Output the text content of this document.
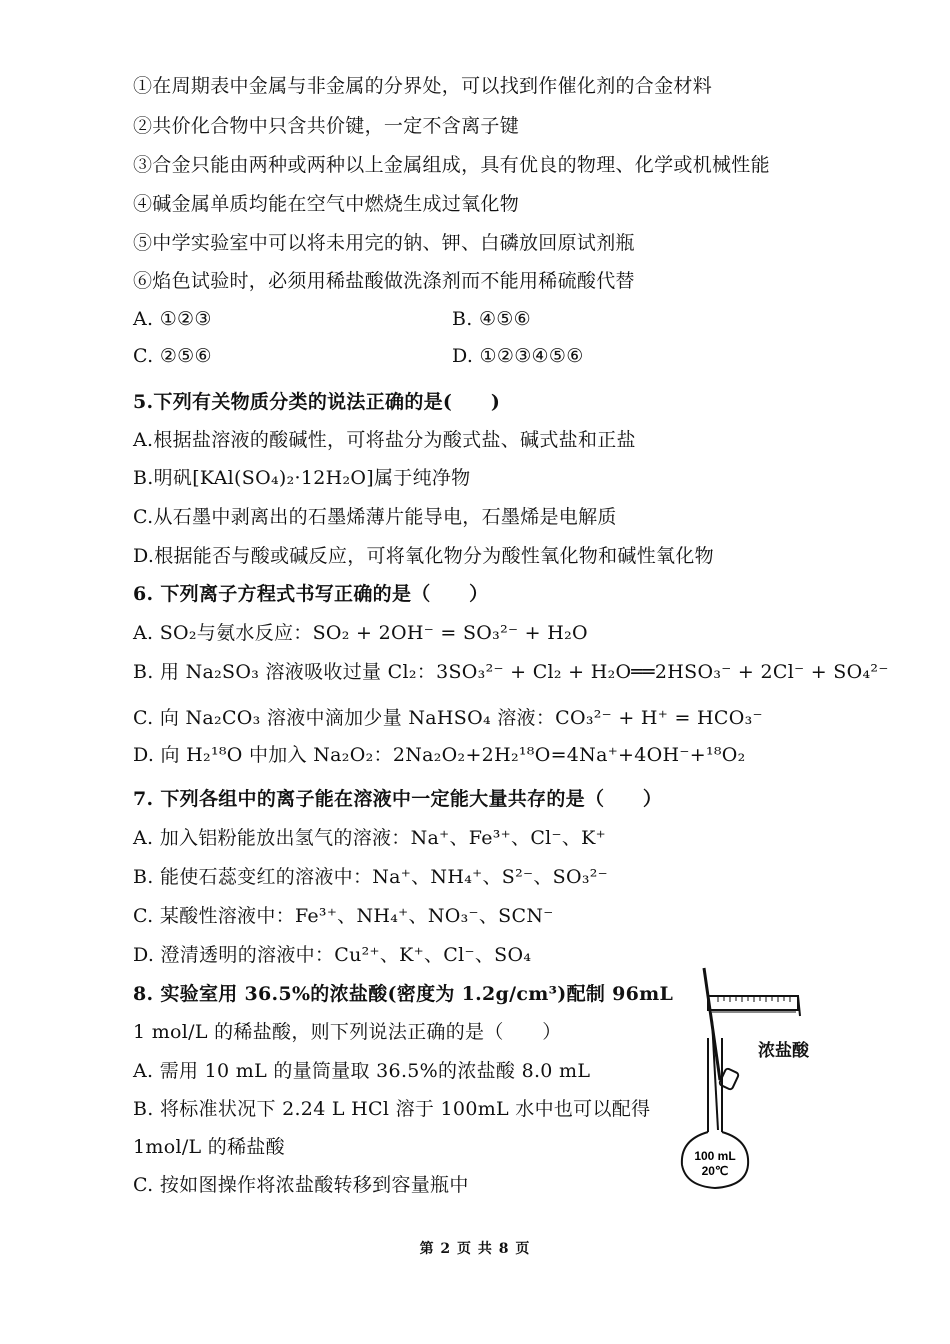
①在周期表中金属与非金属的分界处，可以找到作催化剂的合金材料
②共价化合物中只含共价键，一定不含离子键
③合金只能由两种或两种以上金属组成，具有优良的物理、化学或机械性能
④碱金属单质均能在空气中燃烧生成过氧化物
⑤中学实验室中可以将未用完的钠、钾、白磷放回原试剂瓶
⑥焰色试验时，必须用稀盐酸做洗涤剂而不能用稀硫酸代替
A. ①②③	B. ④⑤⑥
C. ②⑤⑥	D. ①②③④⑤⑥
5.下列有关物质分类的说法正确的是(　　)
A.根据盐溶液的酸碱性，可将盐分为酸式盐、碱式盐和正盐
B.明矾[KAl(SO₄)₂·12H₂O]属于纯净物
C.从石墨中剥离出的石墨烯薄片能导电，石墨烯是电解质
D.根据能否与酸或碱反应，可将氧化物分为酸性氧化物和碱性氧化物
6. 下列离子方程式书写正确的是（　　）
A. SO₂与氨水反应：SO₂ + 2OH⁻ = SO₃²⁻ + H₂O
B. 用 Na₂SO₃ 溶液吸收过量 Cl₂：3SO₃²⁻ + Cl₂ + H₂O══2HSO₃⁻ + 2Cl⁻ + SO₄²⁻
C. 向 Na₂CO₃ 溶液中滴加少量 NaHSO₄ 溶液：CO₃²⁻ + H⁺ = HCO₃⁻
D. 向 H₂¹⁸O 中加入 Na₂O₂：2Na₂O₂+2H₂¹⁸O=4Na⁺+4OH⁻+¹⁸O₂
7. 下列各组中的离子能在溶液中一定能大量共存的是（　　）
A. 加入铝粉能放出氢气的溶液：Na⁺、Fe³⁺、Cl⁻、K⁺
B. 能使石蕊变红的溶液中：Na⁺、NH₄⁺、S²⁻、SO₃²⁻
C. 某酸性溶液中：Fe³⁺、NH₄⁺、NO₃⁻、SCN⁻
D. 澄清透明的溶液中：Cu²⁺、K⁺、Cl⁻、SO₄
8. 实验室用 36.5%的浓盐酸(密度为 1.2g/cm³)配制 96mL
1 mol/L 的稀盐酸，则下列说法正确的是（　　）
A. 需用 10 mL 的量筒量取 36.5%的浓盐酸 8.0 mL
B. 将标准状况下 2.24 L HCl 溶于 100mL 水中也可以配得
1mol/L 的稀盐酸
C. 按如图操作将浓盐酸转移到容量瓶中
100 mL
20℃
浓盐酸
第 2 页 共 8 页
